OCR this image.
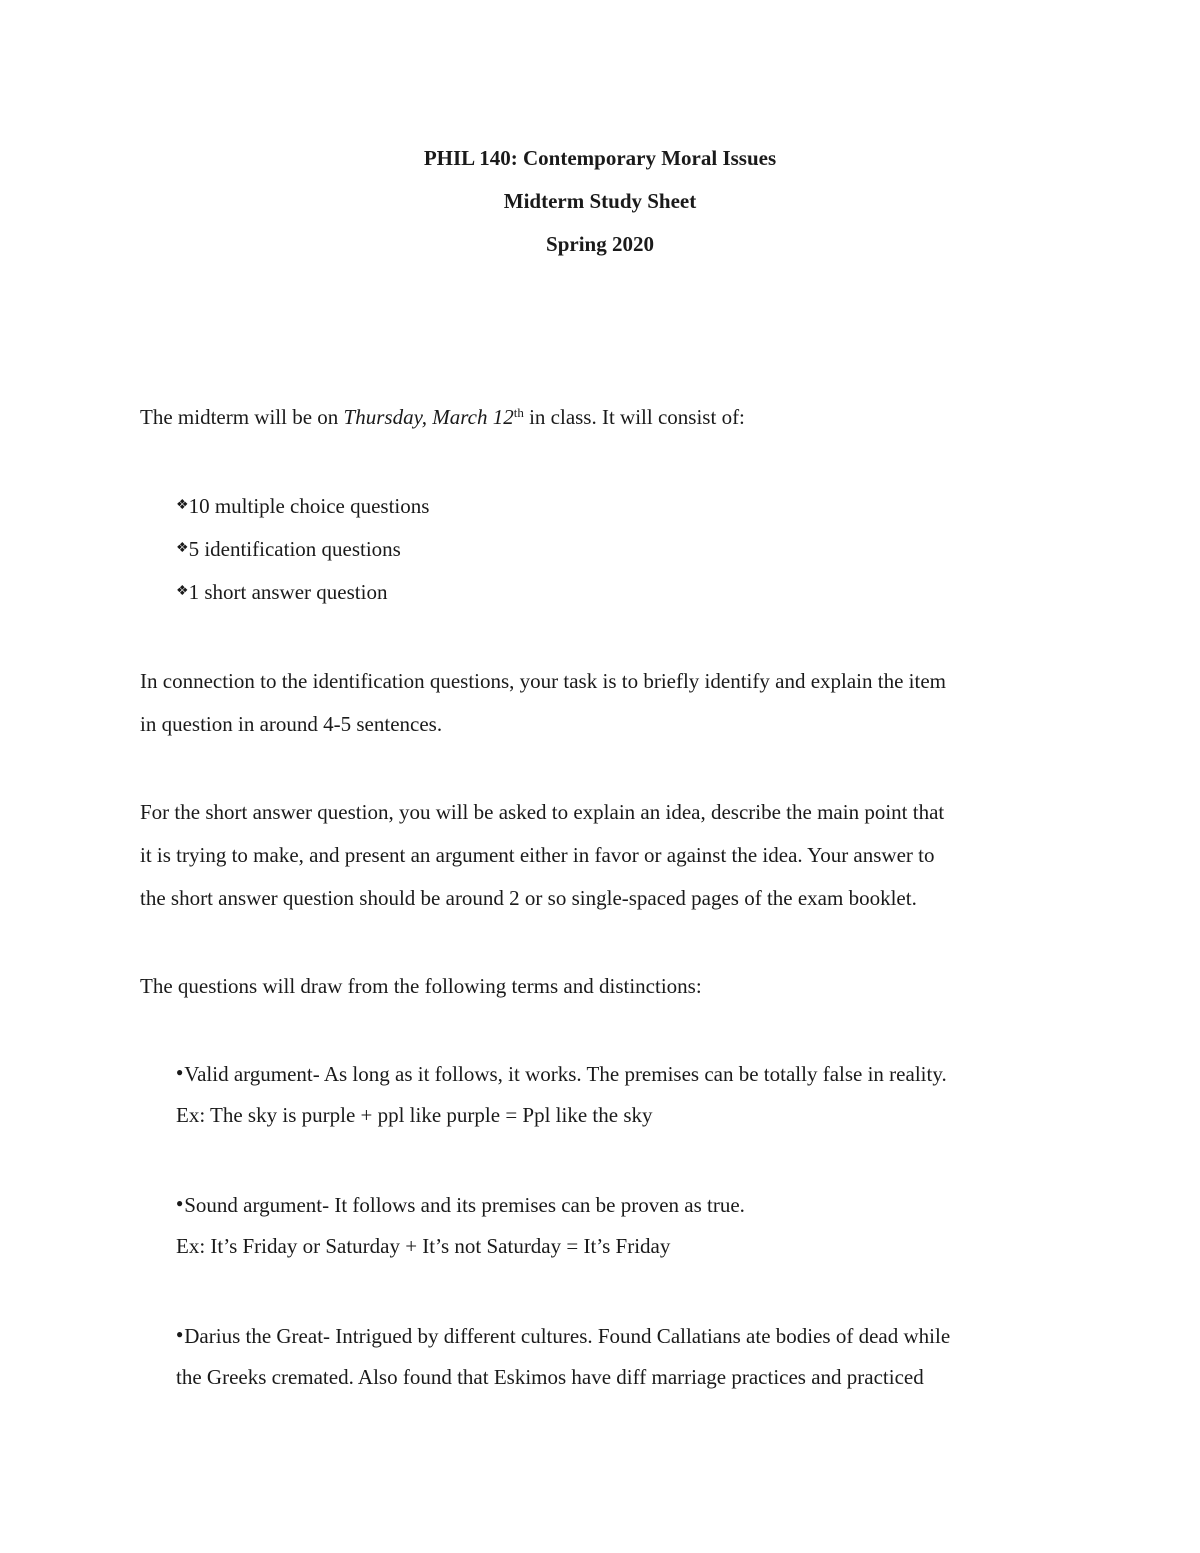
PHIL 140: Contemporary Moral Issues
Midterm Study Sheet
Spring 2020
The midterm will be on Thursday, March 12th in class. It will consist of:
❖10 multiple choice questions
❖5 identification questions
❖1 short answer question
In connection to the identification questions, your task is to briefly identify and explain the item
in question in around 4-5 sentences.
For the short answer question, you will be asked to explain an idea, describe the main point that
it is trying to make, and present an argument either in favor or against the idea. Your answer to
the short answer question should be around 2 or so single-spaced pages of the exam booklet.
The questions will draw from the following terms and distinctions:
●Valid argument- As long as it follows, it works. The premises can be totally false in reality.
Ex: The sky is purple + ppl like purple = Ppl like the sky
●Sound argument- It follows and its premises can be proven as true.
Ex: It’s Friday or Saturday + It’s not Saturday = It’s Friday
●Darius the Great- Intrigued by different cultures. Found Callatians ate bodies of dead while
the Greeks cremated. Also found that Eskimos have diff marriage practices and practiced
